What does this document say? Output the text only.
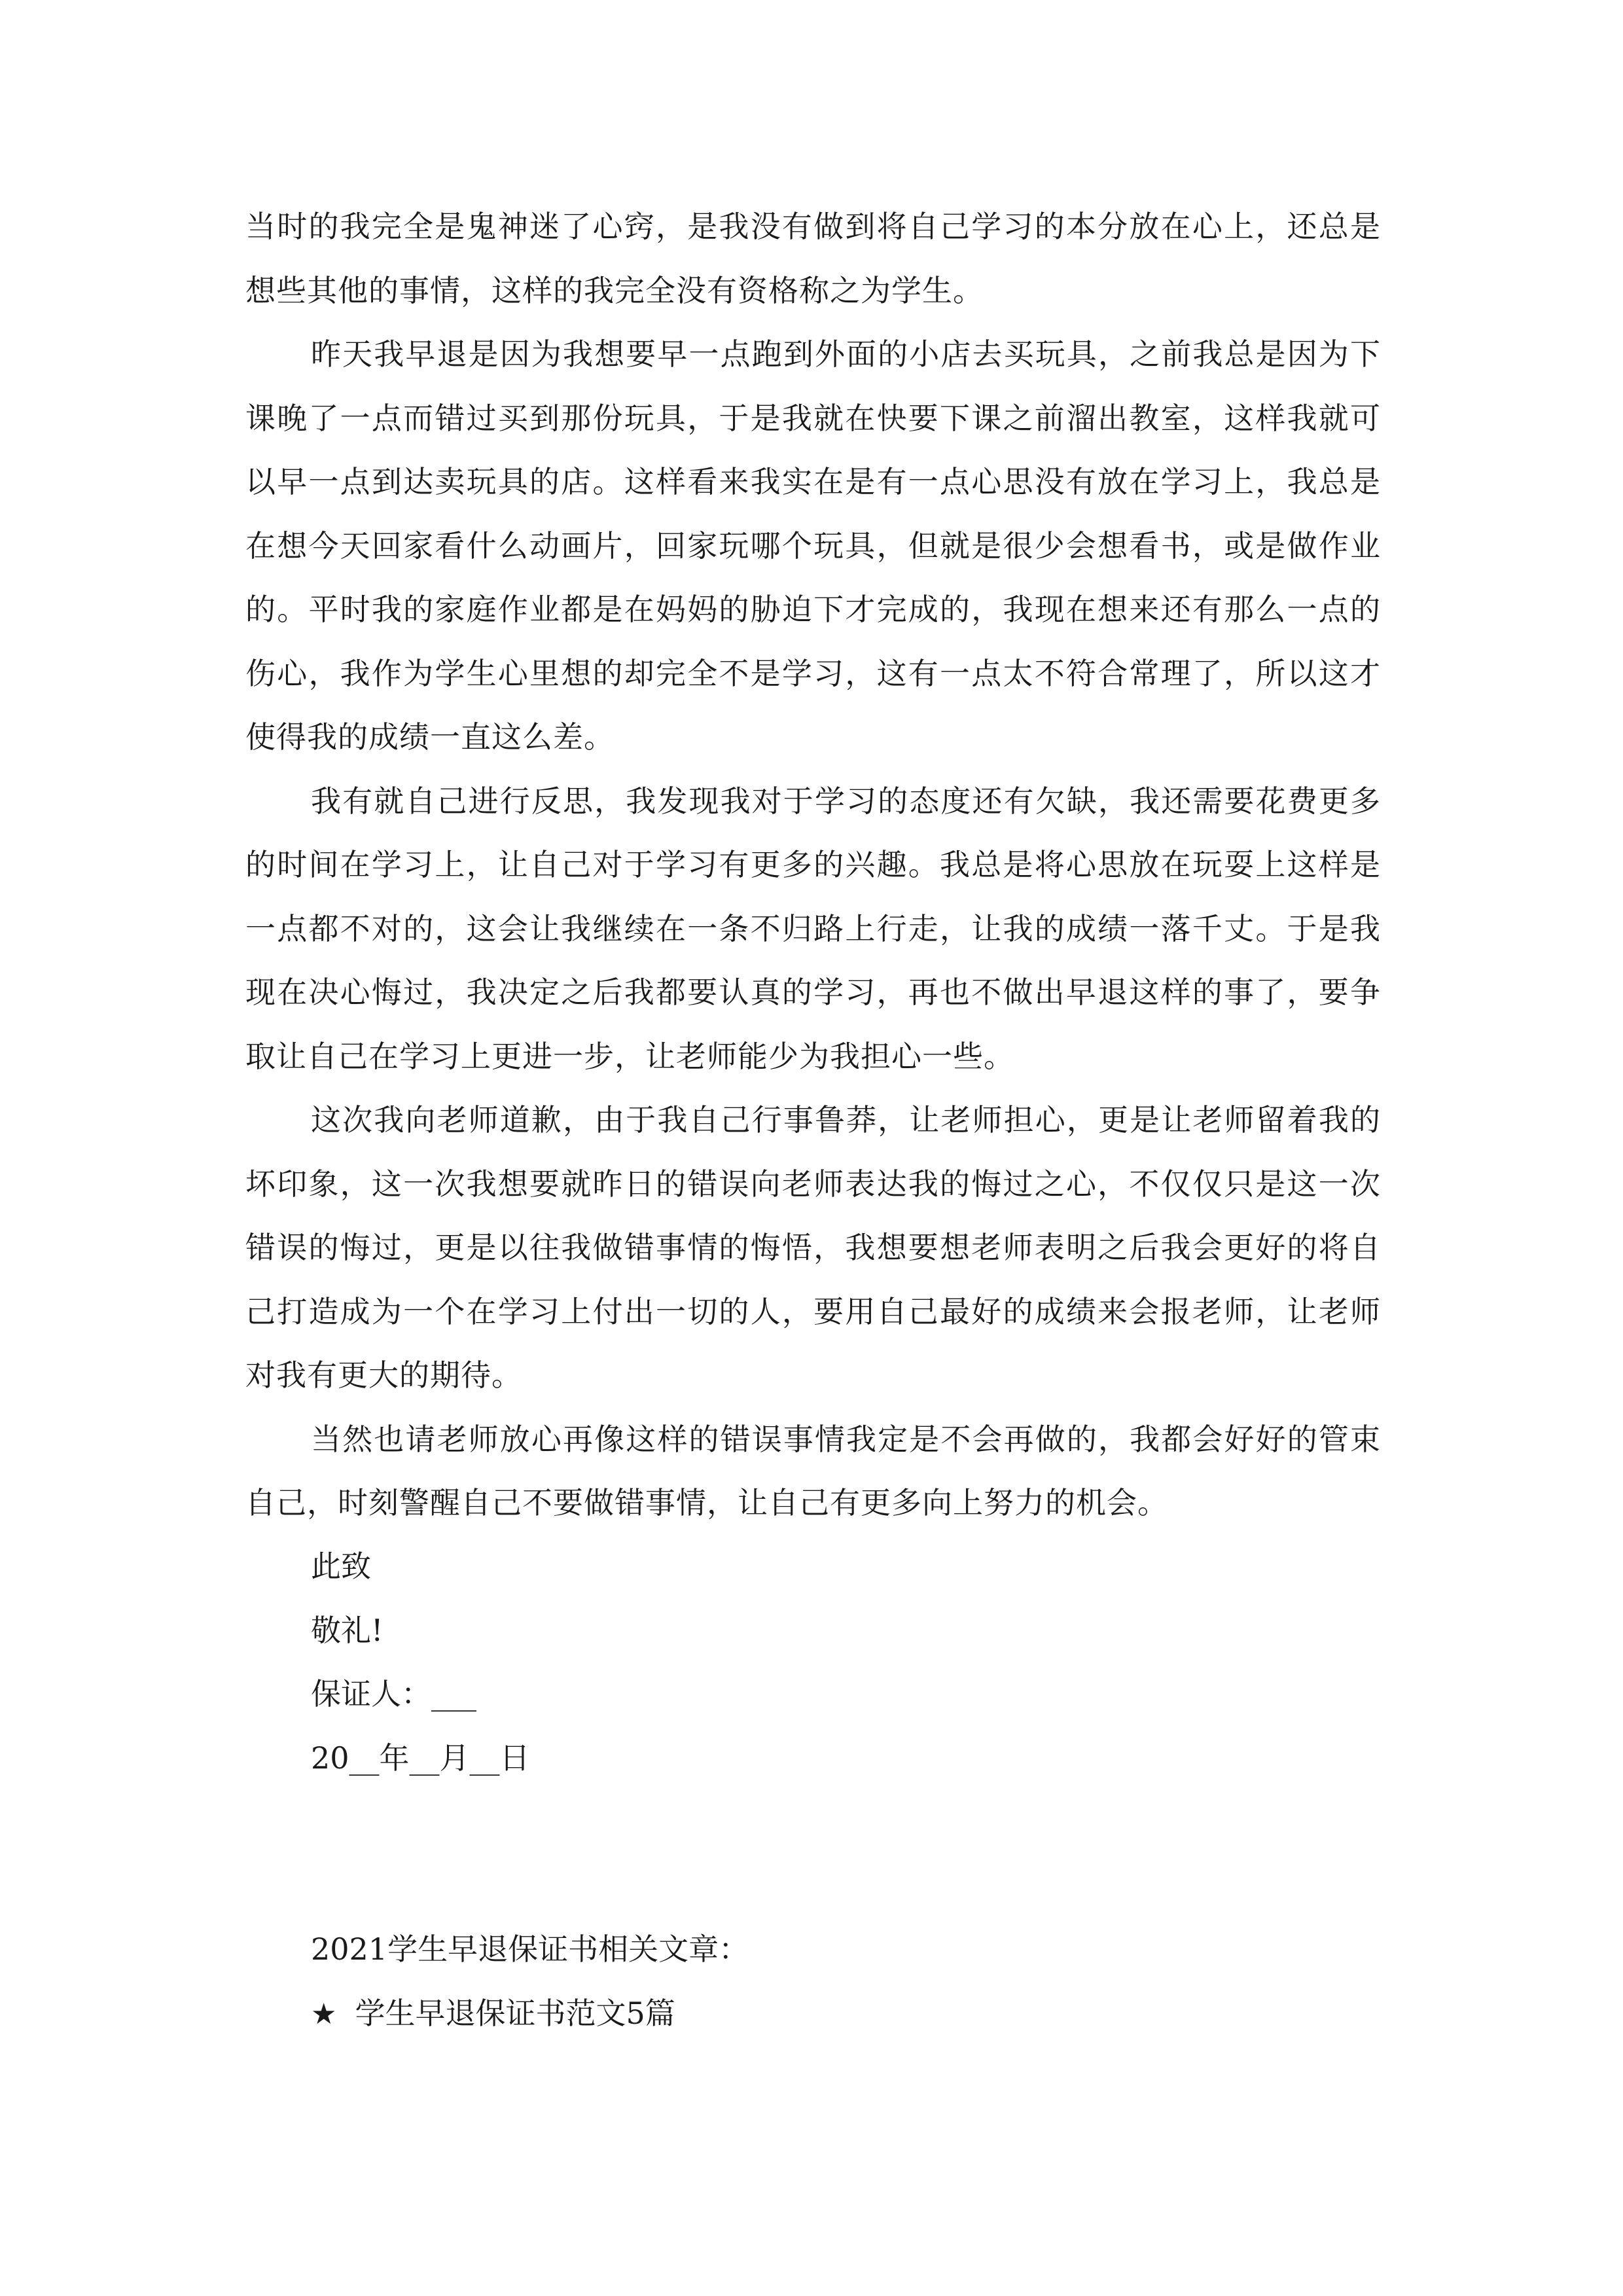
当时的我完全是鬼神迷了心窍，是我没有做到将自己学习的本分放在心上，还总是想些其他的事情，这样的我完全没有资格称之为学生。

昨天我早退是因为我想要早一点跑到外面的小店去买玩具，之前我总是因为下课晚了一点而错过买到那份玩具，于是我就在快要下课之前溜出教室，这样我就可以早一点到达卖玩具的店。这样看来我实在是有一点心思没有放在学习上，我总是在想今天回家看什么动画片，回家玩哪个玩具，但就是很少会想看书，或是做作业的。平时我的家庭作业都是在妈妈的胁迫下才完成的，我现在想来还有那么一点的伤心，我作为学生心里想的却完全不是学习，这有一点太不符合常理了，所以这才使得我的成绩一直这么差。

我有就自己进行反思，我发现我对于学习的态度还有欠缺，我还需要花费更多的时间在学习上，让自己对于学习有更多的兴趣。我总是将心思放在玩耍上这样是一点都不对的，这会让我继续在一条不归路上行走，让我的成绩一落千丈。于是我现在决心悔过，我决定之后我都要认真的学习，再也不做出早退这样的事了，要争取让自己在学习上更进一步，让老师能少为我担心一些。

这次我向老师道歉，由于我自己行事鲁莽，让老师担心，更是让老师留着我的坏印象，这一次我想要就昨日的错误向老师表达我的悔过之心，不仅仅只是这一次错误的悔过，更是以往我做错事情的悔悟，我想要想老师表明之后我会更好的将自己打造成为一个在学习上付出一切的人，要用自己最好的成绩来会报老师，让老师对我有更大的期待。

当然也请老师放心再像这样的错误事情我定是不会再做的，我都会好好的管束自己，时刻警醒自己不要做错事情，让自己有更多向上努力的机会。

此致

敬礼!

保证人：___

20__年__月__日

2021学生早退保证书相关文章：

★ 学生早退保证书范文5篇
